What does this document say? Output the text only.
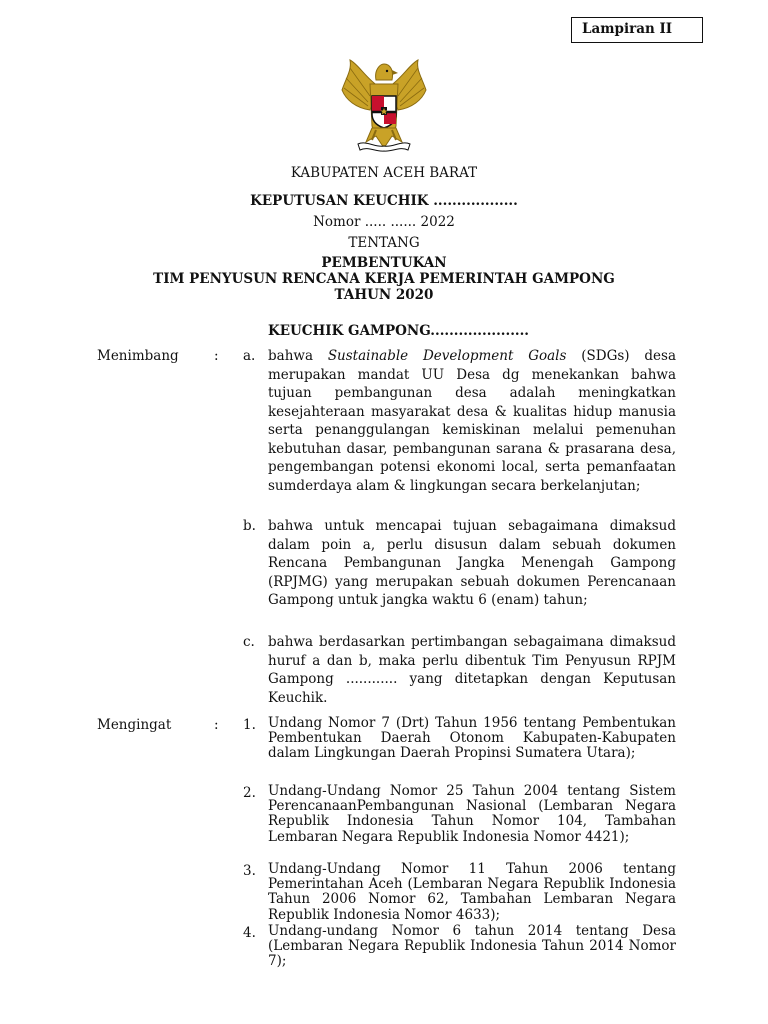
Lampiran II
KABUPATEN ACEH BARAT
KEPUTUSAN KEUCHIK ..................
Nomor ..... ...... 2022
TENTANG
PEMBENTUKAN
TIM PENYUSUN RENCANA KERJA PEMERINTAH GAMPONG
TAHUN 2020
KEUCHIK GAMPONG.....................
Menimbang	: a. bahwa Sustainable Development Goals (SDGs) desa merupakan mandat UU Desa dg menekankan bahwa tujuan pembangunan desa adalah meningkatkan kesejahteraan masyarakat desa & kualitas hidup manusia serta penanggulangan kemiskinan melalui pemenuhan kebutuhan dasar, pembangunan sarana & prasarana desa, pengembangan potensi ekonomi local, serta pemanfaatan sumderdaya alam & lingkungan secara berkelanjutan;

b. bahwa untuk mencapai tujuan sebagaimana dimaksud dalam poin a, perlu disusun dalam sebuah dokumen Rencana Pembangunan Jangka Menengah Gampong (RPJMG) yang merupakan sebuah dokumen Perencanaan Gampong untuk jangka waktu 6 (enam) tahun;

c. bahwa berdasarkan pertimbangan sebagaimana dimaksud huruf a dan b, maka perlu dibentuk Tim Penyusun RPJM Gampong ............ yang ditetapkan dengan Keputusan Keuchik.

Mengingat	: 1. Undang Nomor 7 (Drt) Tahun 1956 tentang Pembentukan Pembentukan Daerah Otonom Kabupaten-Kabupaten dalam Lingkungan Daerah Propinsi Sumatera Utara);

2. Undang-Undang Nomor 25 Tahun 2004 tentang Sistem PerencanaanPembangunan Nasional (Lembaran Negara Republik Indonesia Tahun Nomor 104, Tambahan Lembaran Negara Republik Indonesia Nomor 4421);

3. Undang-Undang Nomor 11 Tahun 2006 tentang Pemerintahan Aceh (Lembaran Negara Republik Indonesia Tahun 2006 Nomor 62, Tambahan Lembaran Negara Republik Indonesia Nomor 4633);

4. Undang-undang Nomor 6 tahun 2014 tentang Desa (Lembaran Negara Republik Indonesia Tahun 2014 Nomor 7);
